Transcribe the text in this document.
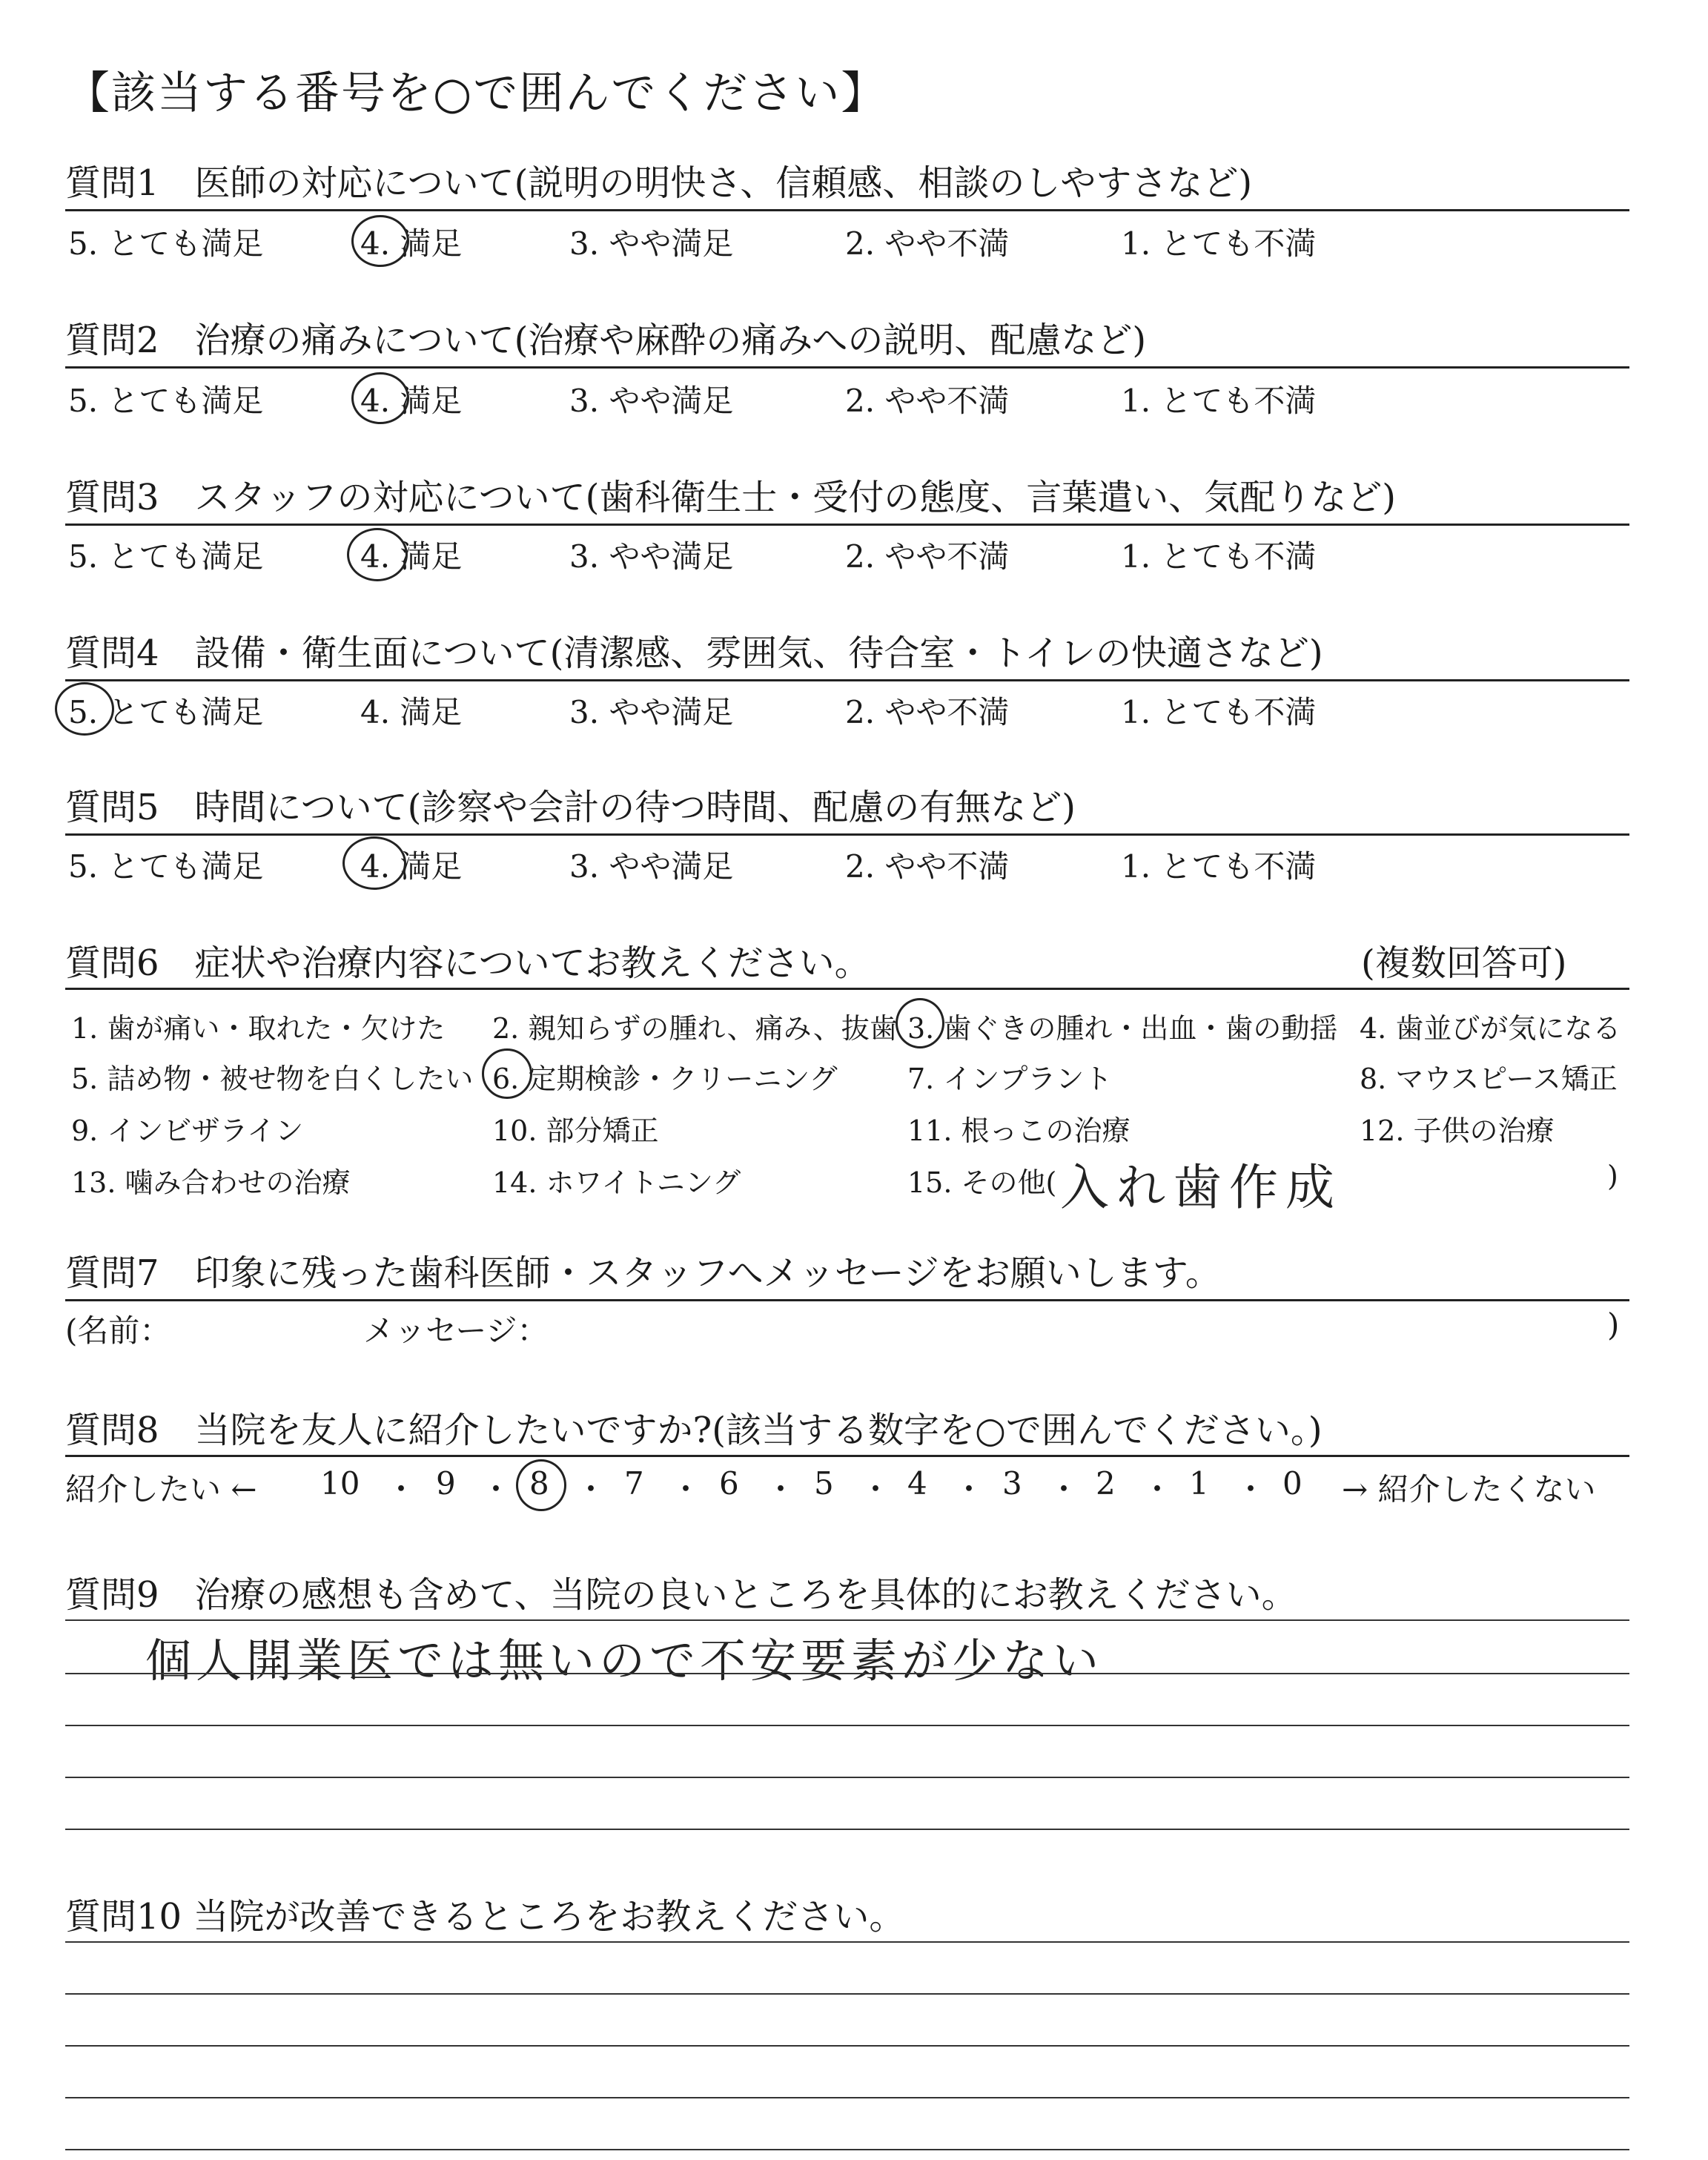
【該当する番号を○で囲んでください】
質問1　医師の対応について(説明の明快さ、信頼感、相談のしやすさなど)
5. とても満足	4. 満足	3. やや満足	2. やや不満	1. とても不満
質問2　治療の痛みについて(治療や麻酔の痛みへの説明、配慮など)
5. とても満足	4. 満足	3. やや満足	2. やや不満	1. とても不満
質問3　スタッフの対応について(歯科衛生士・受付の態度、言葉遣い、気配りなど)
5. とても満足	4. 満足	3. やや満足	2. やや不満	1. とても不満
質問4　設備・衛生面について(清潔感、雰囲気、待合室・トイレの快適さなど)
5. とても満足	4. 満足	3. やや満足	2. やや不満	1. とても不満
質問5　時間について(診察や会計の待つ時間、配慮の有無など)
5. とても満足	4. 満足	3. やや満足	2. やや不満	1. とても不満
質問6　症状や治療内容についてお教えください。	(複数回答可)
1. 歯が痛い・取れた・欠けた 2. 親知らずの腫れ、痛み、抜歯 3. 歯ぐきの腫れ・出血・歯の動揺 4. 歯並びが気になる
5. 詰め物・被せ物を白くしたい 6. 定期検診・クリーニング 7. インプラント	8. マウスピース矯正
9. インビザライン	10. 部分矯正	11. 根っこの治療	12. 子供の治療
13. 噛み合わせの治療	14. ホワイトニング	15. その他(	)
入れ歯作成
質問7　印象に残った歯科医師・スタッフへメッセージをお願いします。
(名前：	メッセージ：	)
質問8　当院を友人に紹介したいですか?(該当する数字を○で囲んでください。)
紹介したい ← 10 ・ 9 ・ 8 ・ 7 ・ 6 ・ 5 ・ 4 ・ 3 ・ 2 ・ 1 ・ 0 → 紹介したくない
質問9　治療の感想も含めて、当院の良いところを具体的にお教えください。
個人開業医では無いので不安要素が少ない
質問10 当院が改善できるところをお教えください。
